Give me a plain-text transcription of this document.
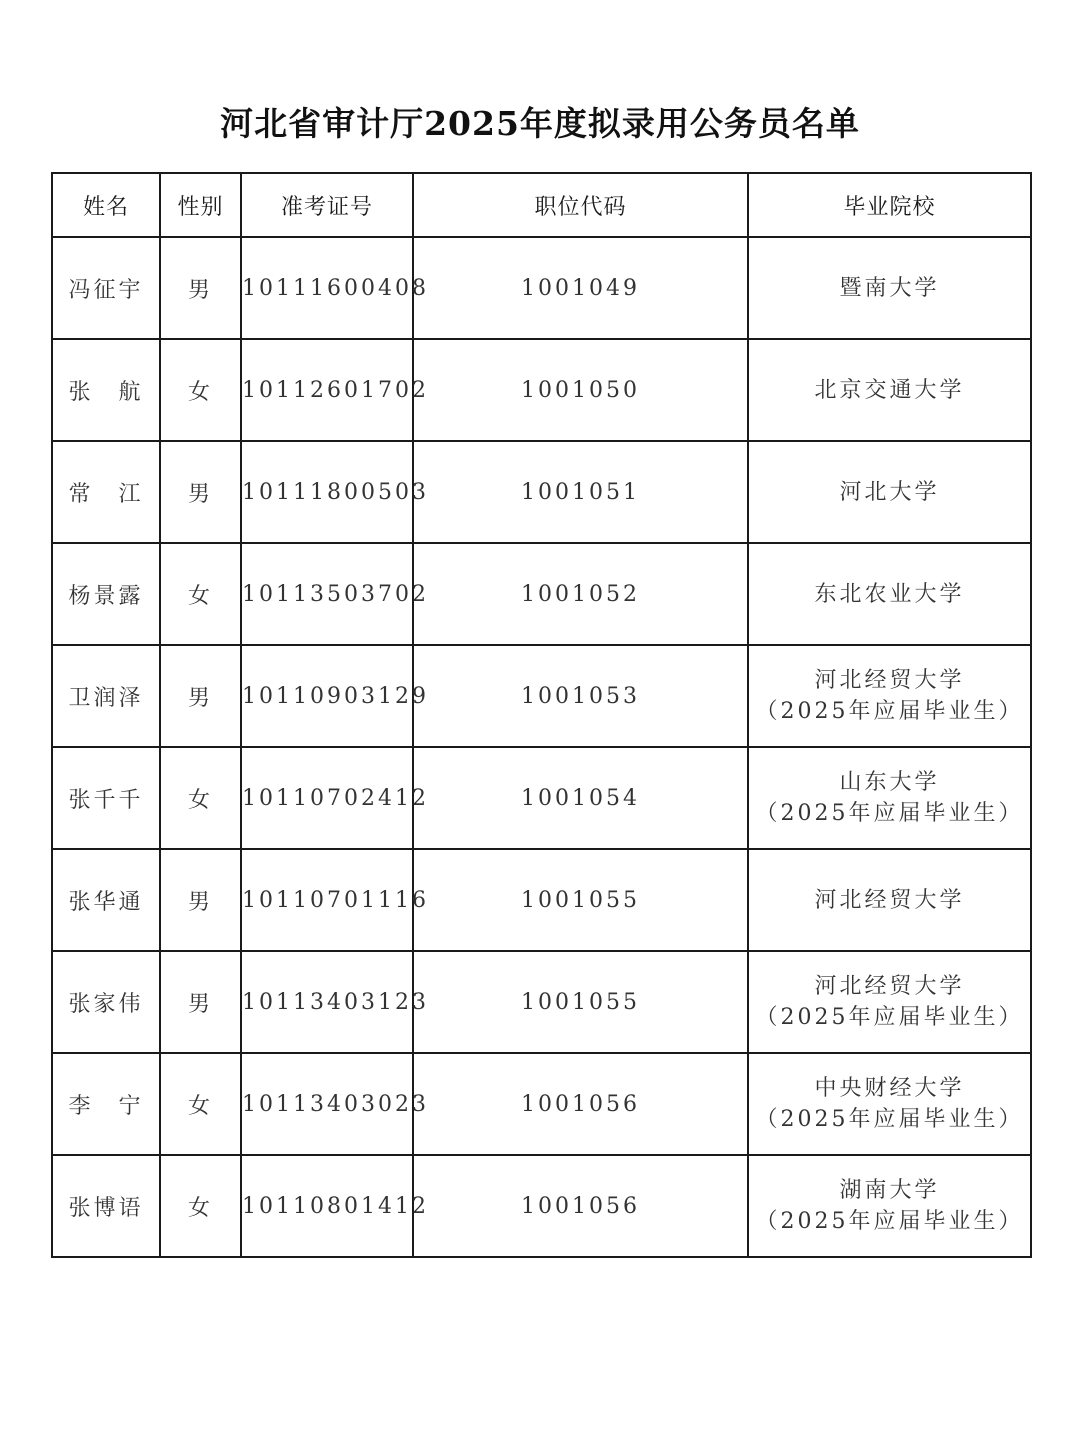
河北省审计厅2025年度拟录用公务员名单
姓名	性别	准考证号	职位代码	毕业院校
冯征宇	男	10111600408	1001049	暨南大学

张　航	女	10112601702	1001050	北京交通大学

常　江	男	10111800503	1001051	河北大学

杨景露	女	10113503702	1001052	东北农业大学

卫润泽	男	10110903129	1001053	河北经贸大学
（2025年应届毕业生）

张千千	女	10110702412	1001054	山东大学
（2025年应届毕业生）

张华通	男	10110701116	1001055	河北经贸大学

张家伟	男	10113403123	1001055	河北经贸大学
（2025年应届毕业生）

李　宁	女	10113403023	1001056	中央财经大学
（2025年应届毕业生）

张博语	女	10110801412	1001056	湖南大学
（2025年应届毕业生）
